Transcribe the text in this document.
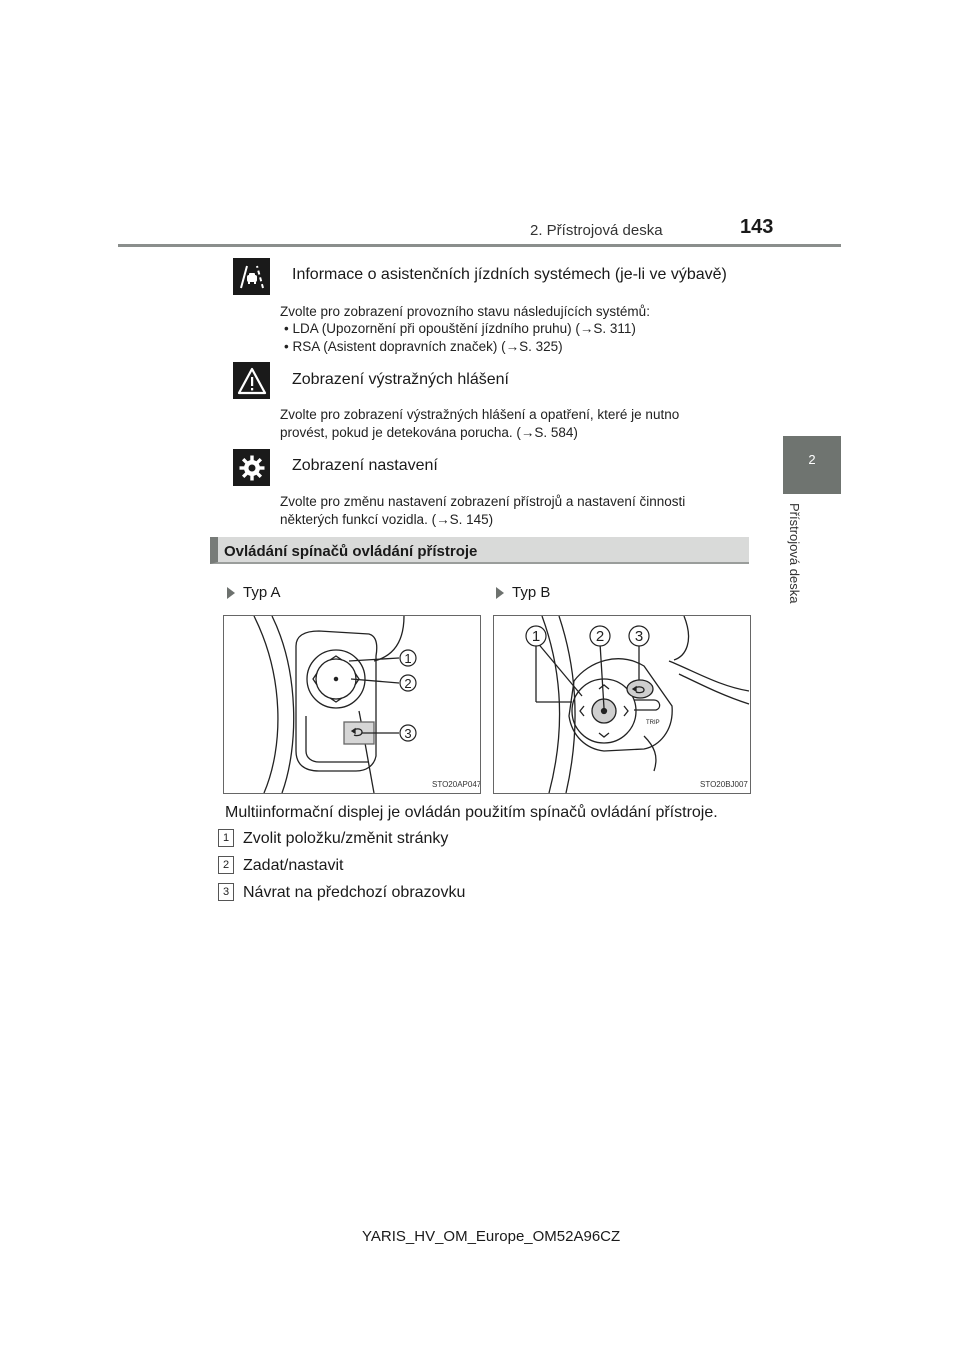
2. Přístrojová deska	143
2
Přístrojová deska
Informace o asistenčních jízdních systémech (je-li ve výbavě)
Zvolte pro zobrazení provozního stavu následujících systémů:
• LDA (Upozornění při opouštění jízdního pruhu) (→S. 311)
• RSA (Asistent dopravních značek) (→S. 325)
Zobrazení výstražných hlášení
Zvolte pro zobrazení výstražných hlášení a opatření, které je nutno
provést, pokud je detekována porucha. (→S. 584)
Zobrazení nastavení
Zvolte pro změnu nastavení zobrazení přístrojů a nastavení činnosti
některých funkcí vozidla. (→S. 145)
Ovládání spínačů ovládání přístroje
Typ A	Typ B
1
2
3
STO20AP047
TRIP
1	2 3
STO20BJ007
Multiinformační displej je ovládán použitím spínačů ovládání přístroje.
1 Zvolit položku/změnit stránky
2 Zadat/nastavit
3 Návrat na předchozí obrazovku
YARIS_HV_OM_Europe_OM52A96CZ
